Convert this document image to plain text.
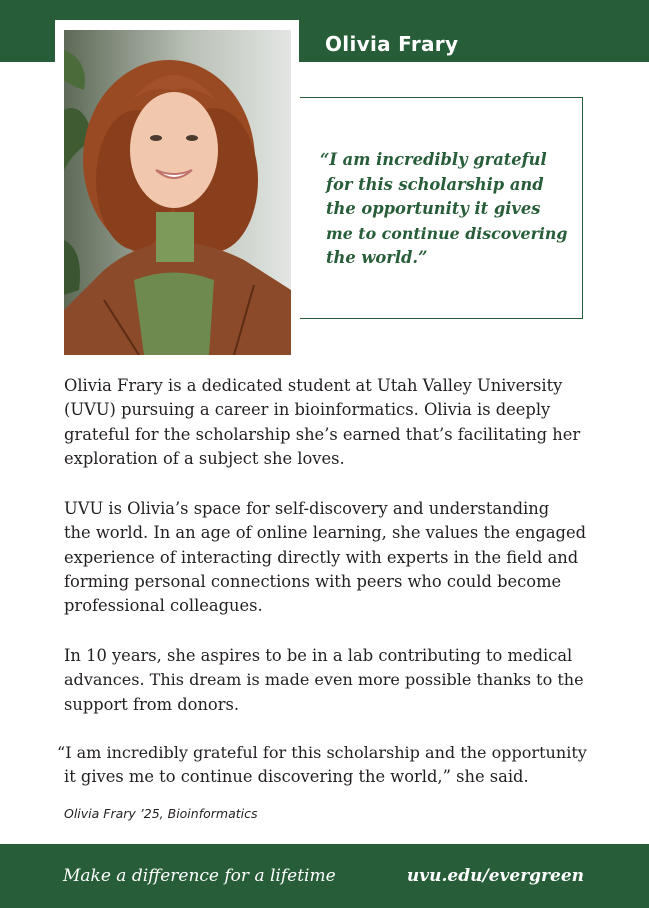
Olivia Frary
“I am incredibly grateful
for this scholarship and
the opportunity it gives
me to continue discovering
the world.”

Olivia Frary is a dedicated student at Utah Valley University
(UVU) pursuing a career in bioinformatics. Olivia is deeply
grateful for the scholarship she’s earned that’s facilitating her
exploration of a subject she loves.

UVU is Olivia’s space for self-discovery and understanding
the world. In an age of online learning, she values the engaged
experience of interacting directly with experts in the field and
forming personal connections with peers who could become
professional colleagues.

In 10 years, she aspires to be in a lab contributing to medical
advances. This dream is made even more possible thanks to the
support from donors.

“I am incredibly grateful for this scholarship and the opportunity
it gives me to continue discovering the world,” she said.

Olivia Frary ’25, Bioinformatics

Make a difference for a lifetime	uvu.edu/evergreen
